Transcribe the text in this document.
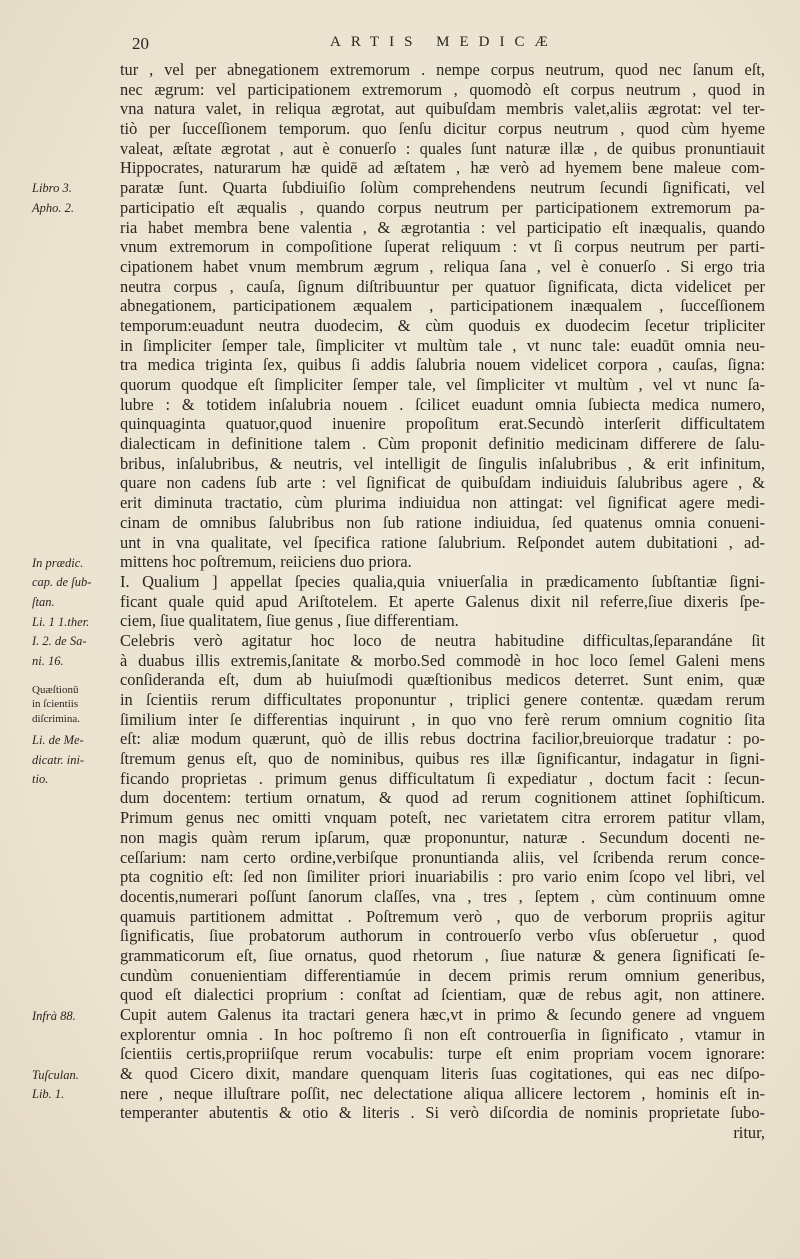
20	ARTIS MEDICÆ
Libro 3.
Apho. 2.
In prædic.
cap. de ſub-
ſtan.
Li. 1 1.ther.
I. 2. de Sa-
ni. 16.
Quæſtionū
in ſcientiis
diſcrimina.
Li. de Me-
dicatr. ini-
tio.
Infrà 88.
Tuſculan.
Lib. 1.
tur , vel per abnegationem extremorum . nempe corpus neutrum, quod nec ſanum eſt,
nec ægrum: vel participationem extremorum , quomodò eſt corpus neutrum , quod in
vna natura valet, in reliqua ægrotat, aut quibuſdam membris valet,aliis ægrotat: vel ter-
tiò per ſucceſſionem temporum. quo ſenſu dicitur corpus neutrum , quod cùm hyeme
valeat, æſtate ægrotat , aut è conuerſo : quales ſunt naturæ illæ , de quibus pronuntiauit
Hippocrates, naturarum hæ quidē ad æſtatem , hæ verò ad hyemem bene maleue com-
paratæ ſunt. Quarta ſubdiuiſio ſolùm comprehendens neutrum ſecundi ſignificati, vel
participatio eſt æqualis , quando corpus neutrum per participationem extremorum pa-
ria habet membra bene valentia , & ægrotantia : vel participatio eſt inæqualis, quando
vnum extremorum in compoſitione ſuperat reliquum : vt ſi corpus neutrum per parti-
cipationem habet vnum membrum ægrum , reliqua ſana , vel è conuerſo . Si ergo tria
neutra corpus , cauſa, ſignum diſtribuuntur per quatuor ſignificata, dicta videlicet per
abnegationem, participationem æqualem , participationem inæqualem , ſucceſſionem
temporum:euadunt neutra duodecim, & cùm quoduis ex duodecim ſecetur tripliciter
in ſimpliciter ſemper tale, ſimpliciter vt multùm tale , vt nunc tale: euadūt omnia neu-
tra medica triginta ſex, quibus ſi addis ſalubria nouem videlicet corpora , cauſas, ſigna:
quorum quodque eſt ſimpliciter ſemper tale, vel ſimpliciter vt multùm , vel vt nunc ſa-
lubre : & totidem inſalubria nouem . ſcilicet euadunt omnia ſubiecta medica numero,
quinquaginta quatuor,quod inuenire propoſitum erat.Secundò interſerit difficultatem
dialecticam in definitione talem . Cùm proponit definitio medicinam differere de ſalu-
bribus, inſalubribus, & neutris, vel intelligit de ſingulis inſalubribus , & erit infinitum,
quare non cadens ſub arte : vel ſignificat de quibuſdam indiuiduis ſalubribus agere , &
erit diminuta tractatio, cùm plurima indiuidua non attingat: vel ſignificat agere medi-
cinam de omnibus ſalubribus non ſub ratione indiuidua, ſed quatenus omnia conueni-
unt in vna qualitate, vel ſpecifica ratione ſalubrium. Reſpondet autem dubitationi , ad-
mittens hoc poſtremum, reiiciens duo priora.
I. Qualium ] appellat ſpecies qualia,quia vniuerſalia in prædicamento ſubſtantiæ ſigni-
ficant quale quid apud Ariſtotelem. Et aperte Galenus dixit nil referre,ſiue dixeris ſpe-
ciem, ſiue qualitatem, ſiue genus , ſiue differentiam.
Celebris verò agitatur hoc loco de neutra habitudine difficultas,ſeparandáne ſit
à duabus illis extremis,ſanitate & morbo.Sed commodè in hoc loco ſemel Galeni mens
conſideranda eſt, dum ab huiuſmodi quæſtionibus medicos deterret. Sunt enim, quæ
in ſcientiis rerum difficultates proponuntur , triplici genere contentæ. quædam rerum
ſimilium inter ſe differentias inquirunt , in quo vno ferè rerum omnium cognitio ſita
eſt: aliæ modum quærunt, quò de illis rebus doctrina facilior,breuiorque tradatur : po-
ſtremum genus eſt, quo de nominibus, quibus res illæ ſignificantur, indagatur in ſigni-
ficando proprietas . primum genus difficultatum ſi expediatur , doctum facit : ſecun-
dum docentem: tertium ornatum, & quod ad rerum cognitionem attinet ſophiſticum.
Primum genus nec omitti vnquam poteſt, nec varietatem citra errorem patitur vllam,
non magis quàm rerum ipſarum, quæ proponuntur, naturæ . Secundum docenti ne-
ceſſarium: nam certo ordine,verbiſque pronuntianda aliis, vel ſcribenda rerum conce-
pta cognitio eſt: ſed non ſimiliter priori inuariabilis : pro vario enim ſcopo vel libri, vel
docentis,numerari poſſunt ſanorum claſſes, vna , tres , ſeptem , cùm continuum omne
quamuis partitionem admittat . Poſtremum verò , quo de verborum propriis agitur
ſignificatis, ſiue probatorum authorum in controuerſo verbo vſus obſeruetur , quod
grammaticorum eſt, ſiue ornatus, quod rhetorum , ſiue naturæ & genera ſignificati ſe-
cundùm conuenientiam differentiamúe in decem primis rerum omnium generibus,
quod eſt dialectici proprium : conſtat ad ſcientiam, quæ de rebus agit, non attinere.
Cupit autem Galenus ita tractari genera hæc,vt in primo & ſecundo genere ad vnguem
explorentur omnia . In hoc poſtremo ſi non eſt controuerſia in ſignificato , vtamur in
ſcientiis certis,propriiſque rerum vocabulis: turpe eſt enim propriam vocem ignorare:
& quod Cicero dixit, mandare quenquam literis ſuas cogitationes, qui eas nec diſpo-
nere , neque illuſtrare poſſit, nec delectatione aliqua allicere lectorem , hominis eſt in-
temperanter abutentis & otio & literis . Si verò diſcordia de nominis proprietate ſubo-
ritur,
